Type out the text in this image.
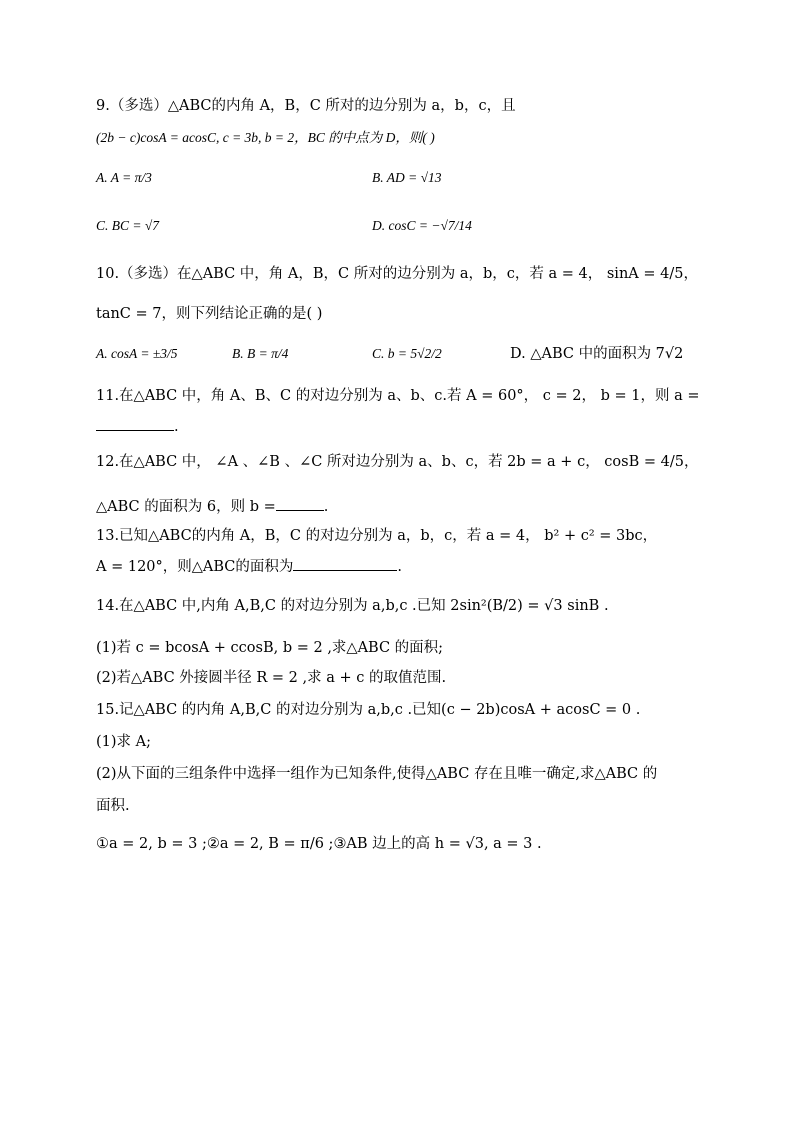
9.（多选）△ABC的内角 A，B，C 所对的边分别为 a，b，c，且
(2b − c)cosA = acosC, c = 3b, b = 2，BC 的中点为 D，则( )
A. A = π/3	B. AD = √13
C. BC = √7	D. cosC = −√7/14
10.（多选）在△ABC 中，角 A，B，C 所对的边分别为 a，b，c，若 a = 4， sinA = 4/5，
tanC = 7，则下列结论正确的是( )
A. cosA = ±3/5	B. B = π/4	C. b = 5√2/2	D. △ABC 中的面积为 7√2
11.在△ABC 中，角 A、B、C 的对边分别为 a、b、c.若 A = 60°， c = 2， b = 1，则 a =
.
12.在△ABC 中， ∠A 、∠B 、∠C 所对边分别为 a、b、c，若 2b = a + c， cosB = 4/5，
△ABC 的面积为 6，则 b =	.
13.已知△ABC的内角 A，B，C 的对边分别为 a，b，c，若 a = 4， b² + c² = 3bc，
A = 120°，则△ABC的面积为	.
14.在△ABC 中,内角 A,B,C 的对边分别为 a,b,c .已知 2sin²(B/2) = √3 sinB .
(1)若 c = bcosA + ccosB, b = 2 ,求△ABC 的面积;
(2)若△ABC 外接圆半径 R = 2 ,求 a + c 的取值范围.
15.记△ABC 的内角 A,B,C 的对边分别为 a,b,c .已知(c − 2b)cosA + acosC = 0 .
(1)求 A;
(2)从下面的三组条件中选择一组作为已知条件,使得△ABC 存在且唯一确定,求△ABC 的
面积.
①a = 2, b = 3 ;②a = 2, B = π/6 ;③AB 边上的高 h = √3, a = 3 .
